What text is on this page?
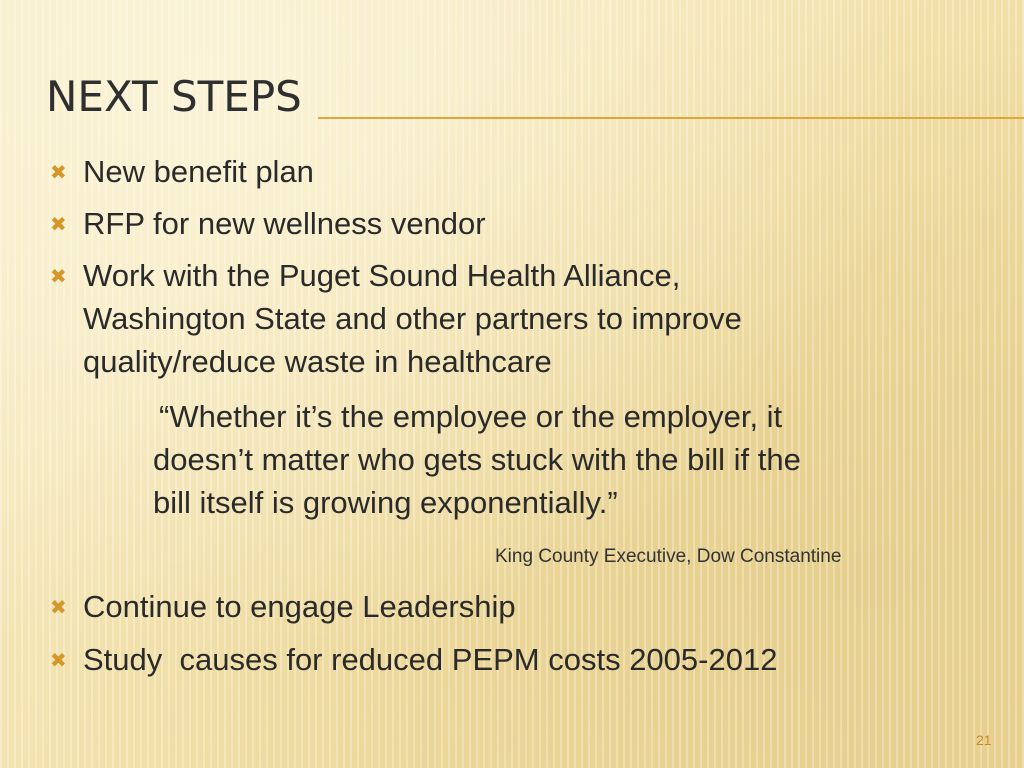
NEXT STEPS
✖ New benefit plan
✖ RFP for new wellness vendor
✖ Work with the Puget Sound Health Alliance,
Washington State and other partners to improve
quality/reduce waste in healthcare
“Whether it’s the employee or the employer, it
doesn’t matter who gets stuck with the bill if the
bill itself is growing exponentially.”
King County Executive, Dow Constantine
✖ Continue to engage Leadership
✖ Study  causes for reduced PEPM costs 2005-2012
21
